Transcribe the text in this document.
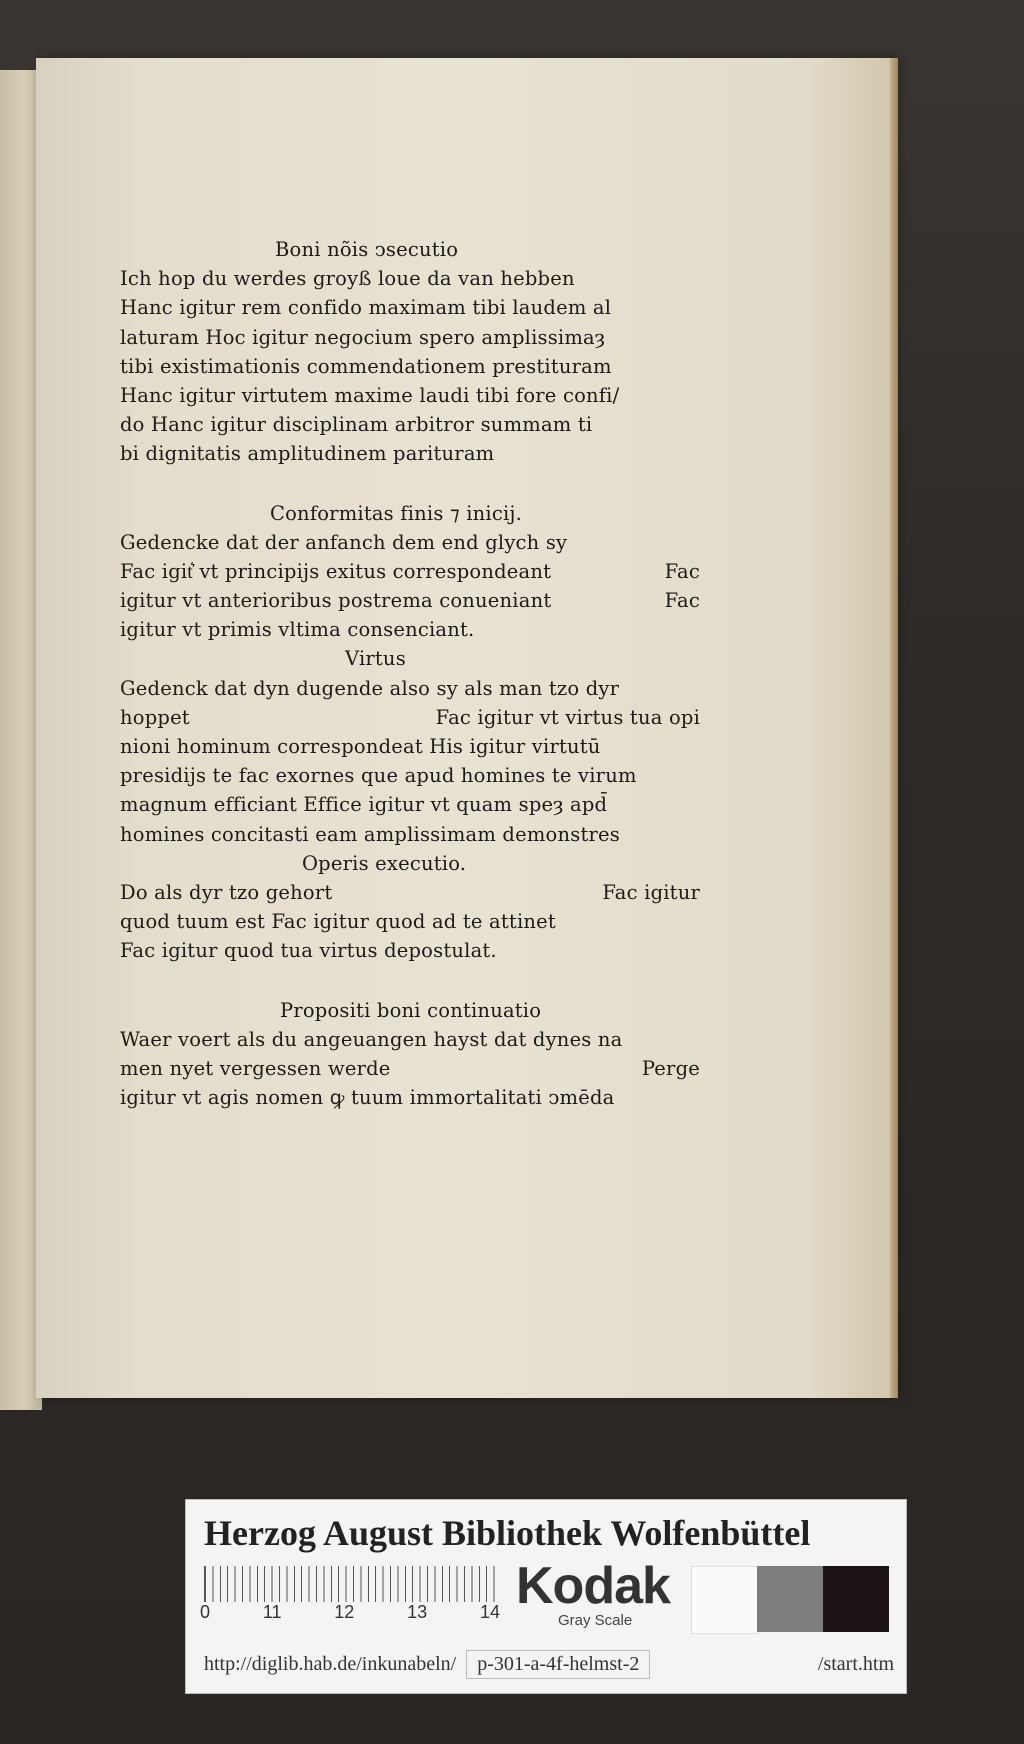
Boni nõis ↄsecutio
Ich hop du werdes groyß loue da van hebben
Hanc igitur rem confido maximam tibi laudem al
laturam Hoc igitur negocium spero amplissimaȝ
tibi existimationis commendationem prestituram
Hanc igitur virtutem maxime laudi tibi fore confi/
do Hanc igitur disciplinam arbitror summam ti
bi dignitatis amplitudinem parituram
Conformitas finis ⁊ inicij.
Gedencke dat der anfanch dem end glych sy
Fac igit͛ vt principijs exitus correspondeant	Fac
igitur vt anterioribus postrema conueniant	Fac
igitur vt primis vltima consenciant.
Virtus
Gedenck dat dyn dugende also sy als man tzo dyr
hoppet	Fac igitur vt virtus tua opi
nioni hominum correspondeat His igitur virtutū
presidijs te fac exornes que apud homines te virum
magnum efficiant Effice igitur vt quam speȝ apd̄
homines concitasti eam amplissimam demonstres
Operis executio.
Do als dyr tzo gehort	Fac igitur
quod tuum est Fac igitur quod ad te attinet
Fac igitur quod tua virtus depostulat.
Propositi boni continuatio
Waer voert als du angeuangen hayst dat dynes na
men nyet vergessen werde	Perge
igitur vt agis nomen ꝙ tuum immortalitati ↄmēda
Herzog August Bibliothek Wolfenbüttel
0	11	12	13	14 Kodak
Gray Scale
http://diglib.hab.de/inkunabeln/	p-301-a-4f-helmst-2	/start.htm
